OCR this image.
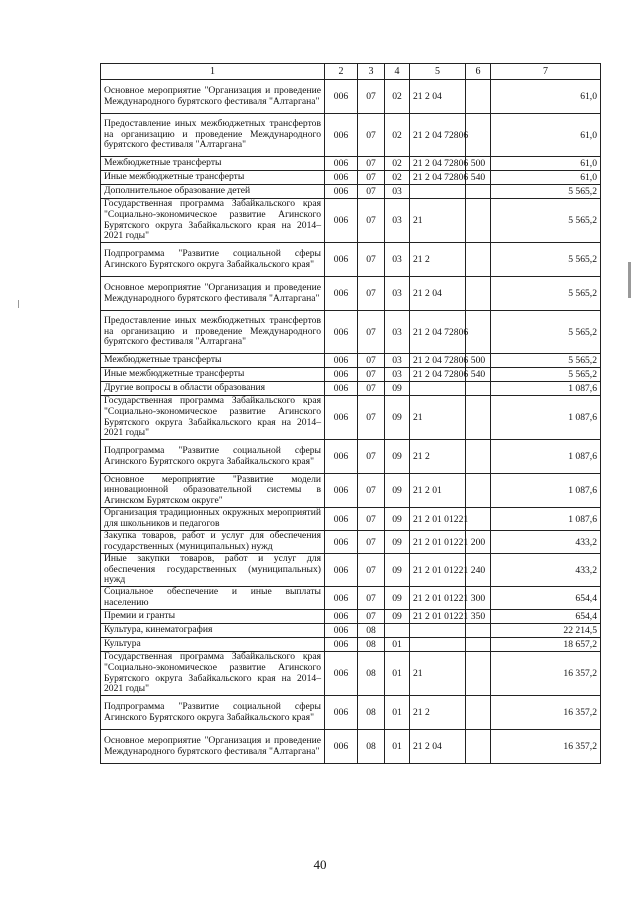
1	2	3	4	5	6	7
Основное мероприятие "Организация и проведение Международного бурятского фестиваля "Алтаргана"	006	07	02	21 2 04		61,0
Предоставление иных межбюджетных трансфертов на организацию и проведение Международного бурятского фестиваля "Алтаргана"	006	07	02	21 2 04 72806		61,0
Межбюджетные трансферты	006	07	02	21 2 04 72806	500	61,0
Иные межбюджетные трансферты	006	07	02	21 2 04 72806	540	61,0
Дополнительное образование детей	006	07	03			5 565,2
Государственная программа Забайкальского края "Социально-экономическое развитие Агинского Бурятского округа Забайкальского края на 2014–2021 годы"	006	07	03	21		5 565,2
Подпрограмма "Развитие социальной сферы Агинского Бурятского округа Забайкальского края"	006	07	03	21 2		5 565,2
Основное мероприятие "Организация и проведение Международного бурятского фестиваля "Алтаргана"	006	07	03	21 2 04		5 565,2
Предоставление иных межбюджетных трансфертов на организацию и проведение Международного бурятского фестиваля "Алтаргана"	006	07	03	21 2 04 72806		5 565,2
Межбюджетные трансферты	006	07	03	21 2 04 72806	500	5 565,2
Иные межбюджетные трансферты	006	07	03	21 2 04 72806	540	5 565,2
Другие вопросы в области образования	006	07	09			1 087,6
Государственная программа Забайкальского края "Социально-экономическое развитие Агинского Бурятского округа Забайкальского края на 2014–2021 годы"	006	07	09	21		1 087,6
Подпрограмма "Развитие социальной сферы Агинского Бурятского округа Забайкальского края"	006	07	09	21 2		1 087,6
Основное мероприятие "Развитие модели инновационной образовательной системы в Агинском Бурятском округе"	006	07	09	21 2 01		1 087,6
Организация традиционных окружных мероприятий для школьников и педагогов	006	07	09	21 2 01 01221		1 087,6
Закупка товаров, работ и услуг для обеспечения государственных (муниципальных) нужд	006	07	09	21 2 01 01221	200	433,2
Иные закупки товаров, работ и услуг для обеспечения государственных (муниципальных) нужд	006	07	09	21 2 01 01221	240	433,2
Социальное обеспечение и иные выплаты населению	006	07	09	21 2 01 01221	300	654,4
Премии и гранты	006	07	09	21 2 01 01221	350	654,4
Культура, кинематография	006	08				22 214,5
Культура	006	08	01			18 657,2
Государственная программа Забайкальского края "Социально-экономическое развитие Агинского Бурятского округа Забайкальского края на 2014–2021 годы"	006	08	01	21		16 357,2
Подпрограмма "Развитие социальной сферы Агинского Бурятского округа Забайкальского края"	006	08	01	21 2		16 357,2
Основное мероприятие "Организация и проведение Международного бурятского фестиваля "Алтаргана"	006	08	01	21 2 04		16 357,2
40
